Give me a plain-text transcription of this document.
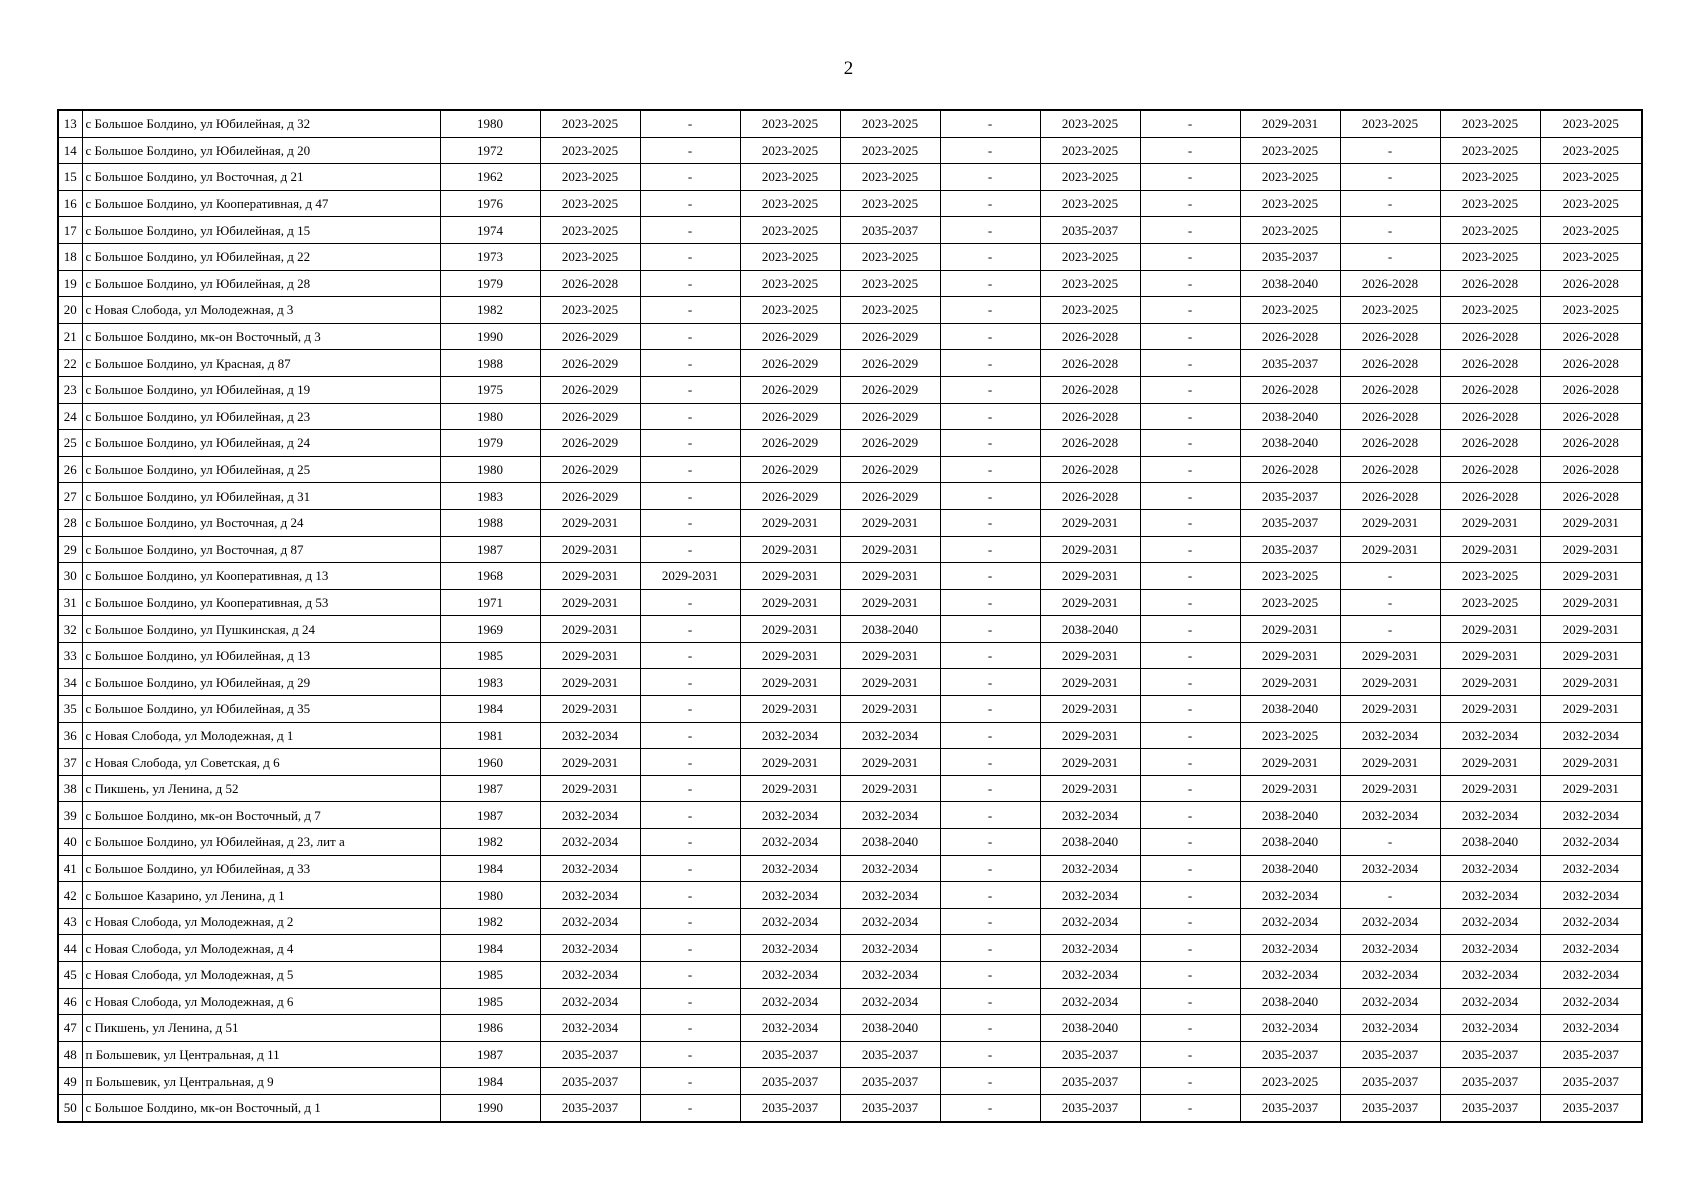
2
13	с Большое Болдино, ул Юбилейная, д 32	1980	2023-2025	-	2023-2025	2023-2025	-	2023-2025	-	2029-2031	2023-2025	2023-2025	2023-2025
14	с Большое Болдино, ул Юбилейная, д 20	1972	2023-2025	-	2023-2025	2023-2025	-	2023-2025	-	2023-2025	-	2023-2025	2023-2025
15	с Большое Болдино, ул Восточная, д 21	1962	2023-2025	-	2023-2025	2023-2025	-	2023-2025	-	2023-2025	-	2023-2025	2023-2025
16	с Большое Болдино, ул Кооперативная, д 47	1976	2023-2025	-	2023-2025	2023-2025	-	2023-2025	-	2023-2025	-	2023-2025	2023-2025
17	с Большое Болдино, ул Юбилейная, д 15	1974	2023-2025	-	2023-2025	2035-2037	-	2035-2037	-	2023-2025	-	2023-2025	2023-2025
18	с Большое Болдино, ул Юбилейная, д 22	1973	2023-2025	-	2023-2025	2023-2025	-	2023-2025	-	2035-2037	-	2023-2025	2023-2025
19	с Большое Болдино, ул Юбилейная, д 28	1979	2026-2028	-	2023-2025	2023-2025	-	2023-2025	-	2038-2040	2026-2028	2026-2028	2026-2028
20	с Новая Слобода, ул Молодежная, д 3	1982	2023-2025	-	2023-2025	2023-2025	-	2023-2025	-	2023-2025	2023-2025	2023-2025	2023-2025
21	с Большое Болдино, мк-он Восточный, д 3	1990	2026-2029	-	2026-2029	2026-2029	-	2026-2028	-	2026-2028	2026-2028	2026-2028	2026-2028
22	с Большое Болдино, ул Красная, д 87	1988	2026-2029	-	2026-2029	2026-2029	-	2026-2028	-	2035-2037	2026-2028	2026-2028	2026-2028
23	с Большое Болдино, ул Юбилейная, д 19	1975	2026-2029	-	2026-2029	2026-2029	-	2026-2028	-	2026-2028	2026-2028	2026-2028	2026-2028
24	с Большое Болдино, ул Юбилейная, д 23	1980	2026-2029	-	2026-2029	2026-2029	-	2026-2028	-	2038-2040	2026-2028	2026-2028	2026-2028
25	с Большое Болдино, ул Юбилейная, д 24	1979	2026-2029	-	2026-2029	2026-2029	-	2026-2028	-	2038-2040	2026-2028	2026-2028	2026-2028
26	с Большое Болдино, ул Юбилейная, д 25	1980	2026-2029	-	2026-2029	2026-2029	-	2026-2028	-	2026-2028	2026-2028	2026-2028	2026-2028
27	с Большое Болдино, ул Юбилейная, д 31	1983	2026-2029	-	2026-2029	2026-2029	-	2026-2028	-	2035-2037	2026-2028	2026-2028	2026-2028
28	с Большое Болдино, ул Восточная, д 24	1988	2029-2031	-	2029-2031	2029-2031	-	2029-2031	-	2035-2037	2029-2031	2029-2031	2029-2031
29	с Большое Болдино, ул Восточная, д 87	1987	2029-2031	-	2029-2031	2029-2031	-	2029-2031	-	2035-2037	2029-2031	2029-2031	2029-2031
30	с Большое Болдино, ул Кооперативная, д 13	1968	2029-2031	2029-2031	2029-2031	2029-2031	-	2029-2031	-	2023-2025	-	2023-2025	2029-2031
31	с Большое Болдино, ул Кооперативная, д 53	1971	2029-2031	-	2029-2031	2029-2031	-	2029-2031	-	2023-2025	-	2023-2025	2029-2031
32	с Большое Болдино, ул Пушкинская, д 24	1969	2029-2031	-	2029-2031	2038-2040	-	2038-2040	-	2029-2031	-	2029-2031	2029-2031
33	с Большое Болдино, ул Юбилейная, д 13	1985	2029-2031	-	2029-2031	2029-2031	-	2029-2031	-	2029-2031	2029-2031	2029-2031	2029-2031
34	с Большое Болдино, ул Юбилейная, д 29	1983	2029-2031	-	2029-2031	2029-2031	-	2029-2031	-	2029-2031	2029-2031	2029-2031	2029-2031
35	с Большое Болдино, ул Юбилейная, д 35	1984	2029-2031	-	2029-2031	2029-2031	-	2029-2031	-	2038-2040	2029-2031	2029-2031	2029-2031
36	с Новая Слобода, ул Молодежная, д 1	1981	2032-2034	-	2032-2034	2032-2034	-	2029-2031	-	2023-2025	2032-2034	2032-2034	2032-2034
37	с Новая Слобода, ул Советская, д 6	1960	2029-2031	-	2029-2031	2029-2031	-	2029-2031	-	2029-2031	2029-2031	2029-2031	2029-2031
38	с Пикшень, ул Ленина, д 52	1987	2029-2031	-	2029-2031	2029-2031	-	2029-2031	-	2029-2031	2029-2031	2029-2031	2029-2031
39	с Большое Болдино, мк-он Восточный, д 7	1987	2032-2034	-	2032-2034	2032-2034	-	2032-2034	-	2038-2040	2032-2034	2032-2034	2032-2034
40	с Большое Болдино, ул Юбилейная, д 23, лит а	1982	2032-2034	-	2032-2034	2038-2040	-	2038-2040	-	2038-2040	-	2038-2040	2032-2034
41	с Большое Болдино, ул Юбилейная, д 33	1984	2032-2034	-	2032-2034	2032-2034	-	2032-2034	-	2038-2040	2032-2034	2032-2034	2032-2034
42	с Большое Казарино, ул Ленина, д 1	1980	2032-2034	-	2032-2034	2032-2034	-	2032-2034	-	2032-2034	-	2032-2034	2032-2034
43	с Новая Слобода, ул Молодежная, д 2	1982	2032-2034	-	2032-2034	2032-2034	-	2032-2034	-	2032-2034	2032-2034	2032-2034	2032-2034
44	с Новая Слобода, ул Молодежная, д 4	1984	2032-2034	-	2032-2034	2032-2034	-	2032-2034	-	2032-2034	2032-2034	2032-2034	2032-2034
45	с Новая Слобода, ул Молодежная, д 5	1985	2032-2034	-	2032-2034	2032-2034	-	2032-2034	-	2032-2034	2032-2034	2032-2034	2032-2034
46	с Новая Слобода, ул Молодежная, д 6	1985	2032-2034	-	2032-2034	2032-2034	-	2032-2034	-	2038-2040	2032-2034	2032-2034	2032-2034
47	с Пикшень, ул Ленина, д 51	1986	2032-2034	-	2032-2034	2038-2040	-	2038-2040	-	2032-2034	2032-2034	2032-2034	2032-2034
48	п Большевик, ул Центральная, д 11	1987	2035-2037	-	2035-2037	2035-2037	-	2035-2037	-	2035-2037	2035-2037	2035-2037	2035-2037
49	п Большевик, ул Центральная, д 9	1984	2035-2037	-	2035-2037	2035-2037	-	2035-2037	-	2023-2025	2035-2037	2035-2037	2035-2037
50	с Большое Болдино, мк-он Восточный, д 1	1990	2035-2037	-	2035-2037	2035-2037	-	2035-2037	-	2035-2037	2035-2037	2035-2037	2035-2037
